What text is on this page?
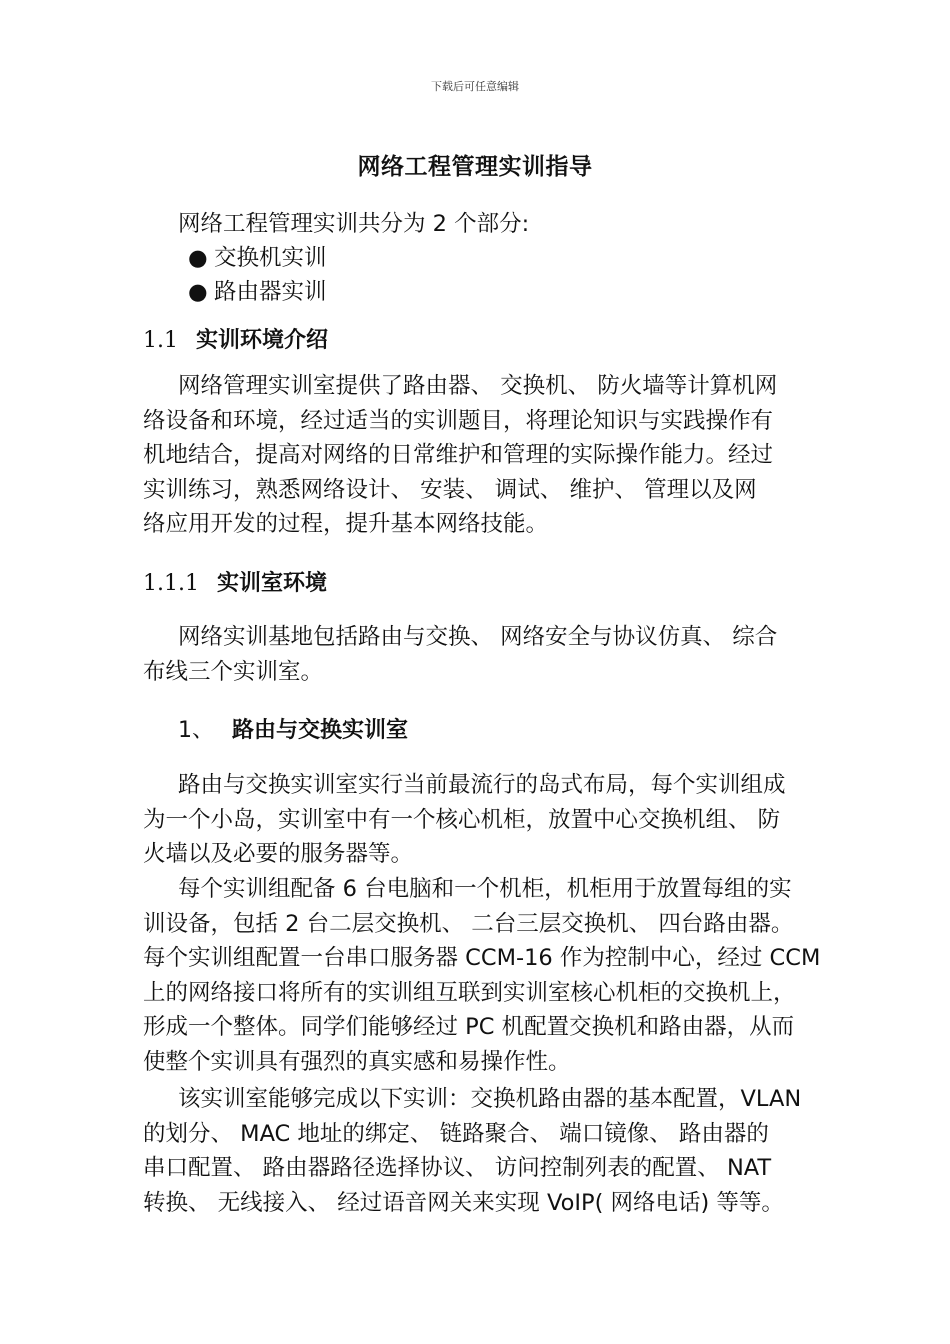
下载后可任意编辑
网络工程管理实训指导
网络工程管理实训共分为 2 个部分:
● 交换机实训
● 路由器实训
1.1 实训环境介绍
网络管理实训室提供了路由器、 交换机、 防火墙等计算机网
络设备和环境，经过适当的实训题目，将理论知识与实践操作有
机地结合，提高对网络的日常维护和管理的实际操作能力。经过
实训练习，熟悉网络设计、 安装、 调试、 维护、 管理以及网
络应用开发的过程，提升基本网络技能。
1.1.1 实训室环境
网络实训基地包括路由与交换、 网络安全与协议仿真、 综合
布线三个实训室。
1、 路由与交换实训室
路由与交换实训室实行当前最流行的岛式布局，每个实训组成
为一个小岛，实训室中有一个核心机柜，放置中心交换机组、 防
火墙以及必要的服务器等。
每个实训组配备 6 台电脑和一个机柜，机柜用于放置每组的实
训设备，包括 2 台二层交换机、 二台三层交换机、 四台路由器。
每个实训组配置一台串口服务器 CCM-16 作为控制中心，经过 CCM
上的网络接口将所有的实训组互联到实训室核心机柜的交换机上，
形成一个整体。同学们能够经过 PC 机配置交换机和路由器，从而
使整个实训具有强烈的真实感和易操作性。
该实训室能够完成以下实训：交换机路由器的基本配置，VLAN
的划分、 MAC 地址的绑定、 链路聚合、 端口镜像、 路由器的
串口配置、 路由器路径选择协议、 访问控制列表的配置、 NAT
转换、 无线接入、 经过语音网关来实现 VoIP( 网络电话) 等等。
